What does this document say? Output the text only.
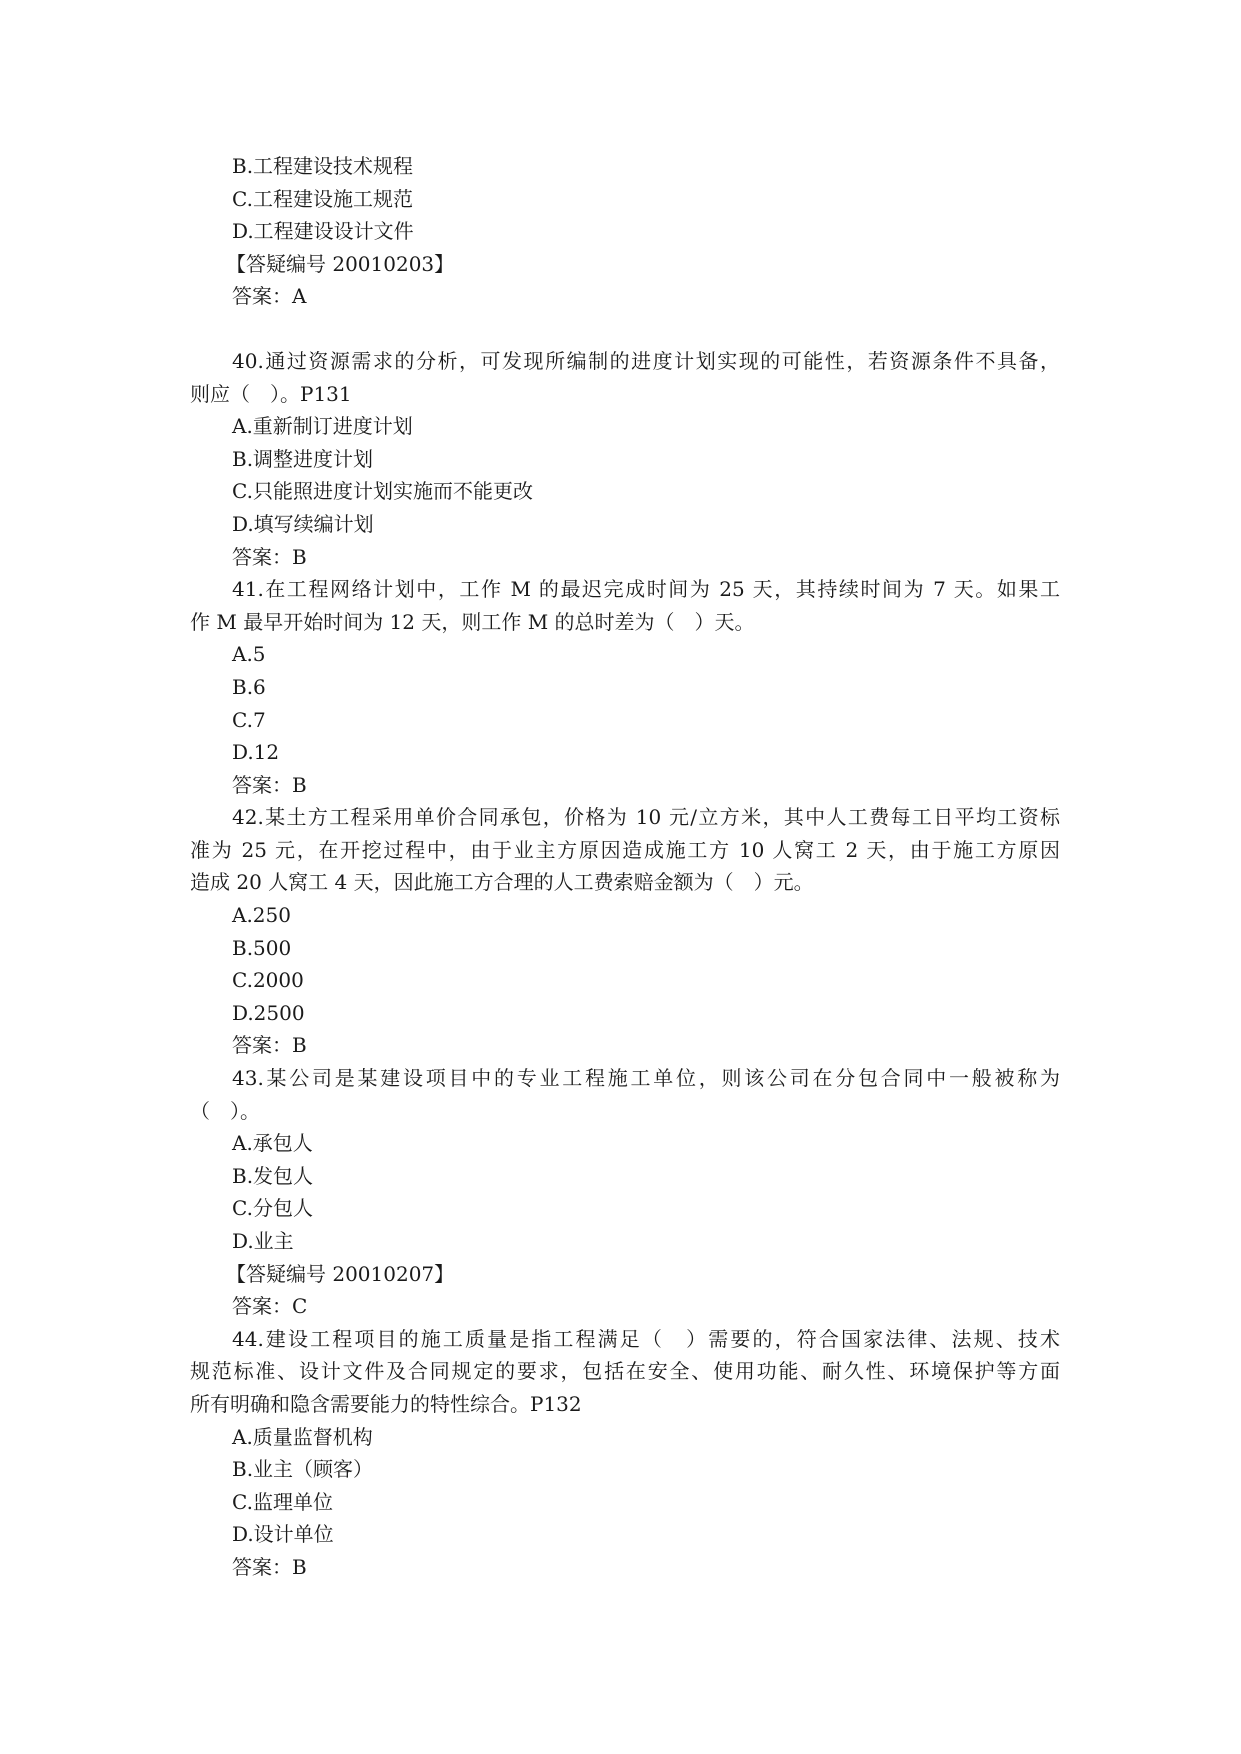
B.工程建设技术规程
C.工程建设施工规范
D.工程建设设计文件
【答疑编号 20010203】
答案：A
40.通过资源需求的分析，可发现所编制的进度计划实现的可能性，若资源条件不具备，
则应（　）。P131
A.重新制订进度计划
B.调整进度计划
C.只能照进度计划实施而不能更改
D.填写续编计划
答案：B
41.在工程网络计划中，工作 M 的最迟完成时间为 25 天，其持续时间为 7 天。如果工
作 M 最早开始时间为 12 天，则工作 M 的总时差为（　）天。
A.5
B.6
C.7
D.12
答案：B
42.某土方工程采用单价合同承包，价格为 10 元/立方米，其中人工费每工日平均工资标
准为 25 元，在开挖过程中，由于业主方原因造成施工方 10 人窝工 2 天，由于施工方原因
造成 20 人窝工 4 天，因此施工方合理的人工费索赔金额为（　）元。
A.250
B.500
C.2000
D.2500
答案：B
43.某公司是某建设项目中的专业工程施工单位，则该公司在分包合同中一般被称为
（　）。
A.承包人
B.发包人
C.分包人
D.业主
【答疑编号 20010207】
答案：C
44.建设工程项目的施工质量是指工程满足（　）需要的，符合国家法律、法规、技术
规范标准、设计文件及合同规定的要求，包括在安全、使用功能、耐久性、环境保护等方面
所有明确和隐含需要能力的特性综合。P132
A.质量监督机构
B.业主（顾客）
C.监理单位
D.设计单位
答案：B
